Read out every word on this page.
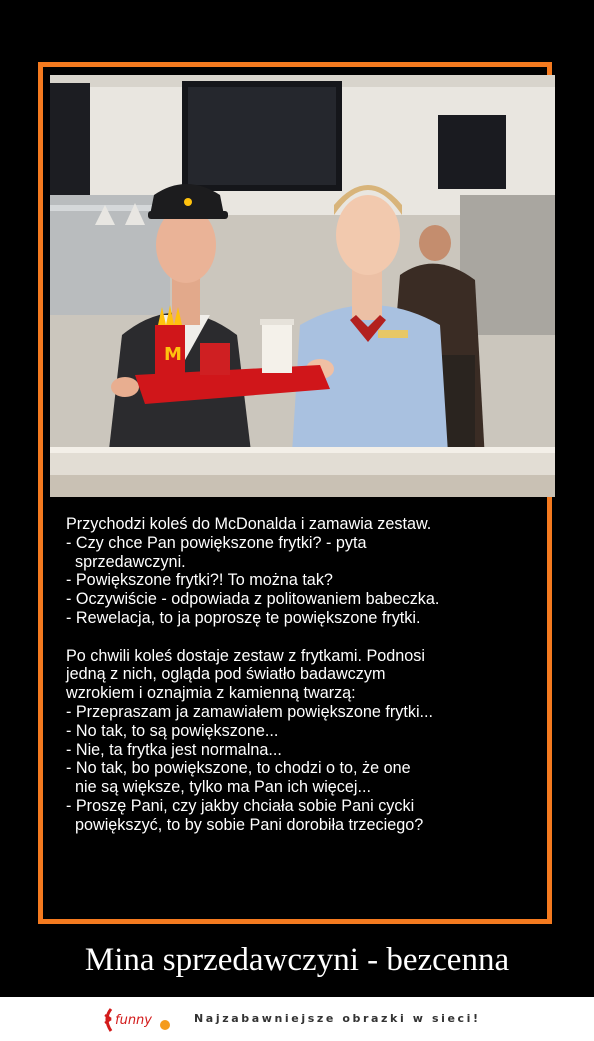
M
Przychodzi koleś do McDonalda i zamawia zestaw.
- Czy chce Pan powiększone frytki? - pyta
sprzedawczyni.
- Powiększone frytki?! To można tak?
- Oczywiście - odpowiada z politowaniem babeczka.
- Rewelacja, to ja poproszę te powiększone frytki.

Po chwili koleś dostaje zestaw z frytkami. Podnosi
jedną z nich, ogląda pod światło badawczym
wzrokiem i oznajmia z kamienną twarzą:
- Przepraszam ja zamawiałem powiększone frytki...
- No tak, to są powiększone...
- Nie, ta frytka jest normalna...
- No tak, bo powiększone, to chodzi o to, że one
nie są większe, tylko ma Pan ich więcej...
- Proszę Pani, czy jakby chciała sobie Pani cycki
powiększyć, to by sobie Pani dorobiła trzeciego?
Mina sprzedawczyni - bezcenna
funny	Najzabawniejsze obrazki w sieci!
